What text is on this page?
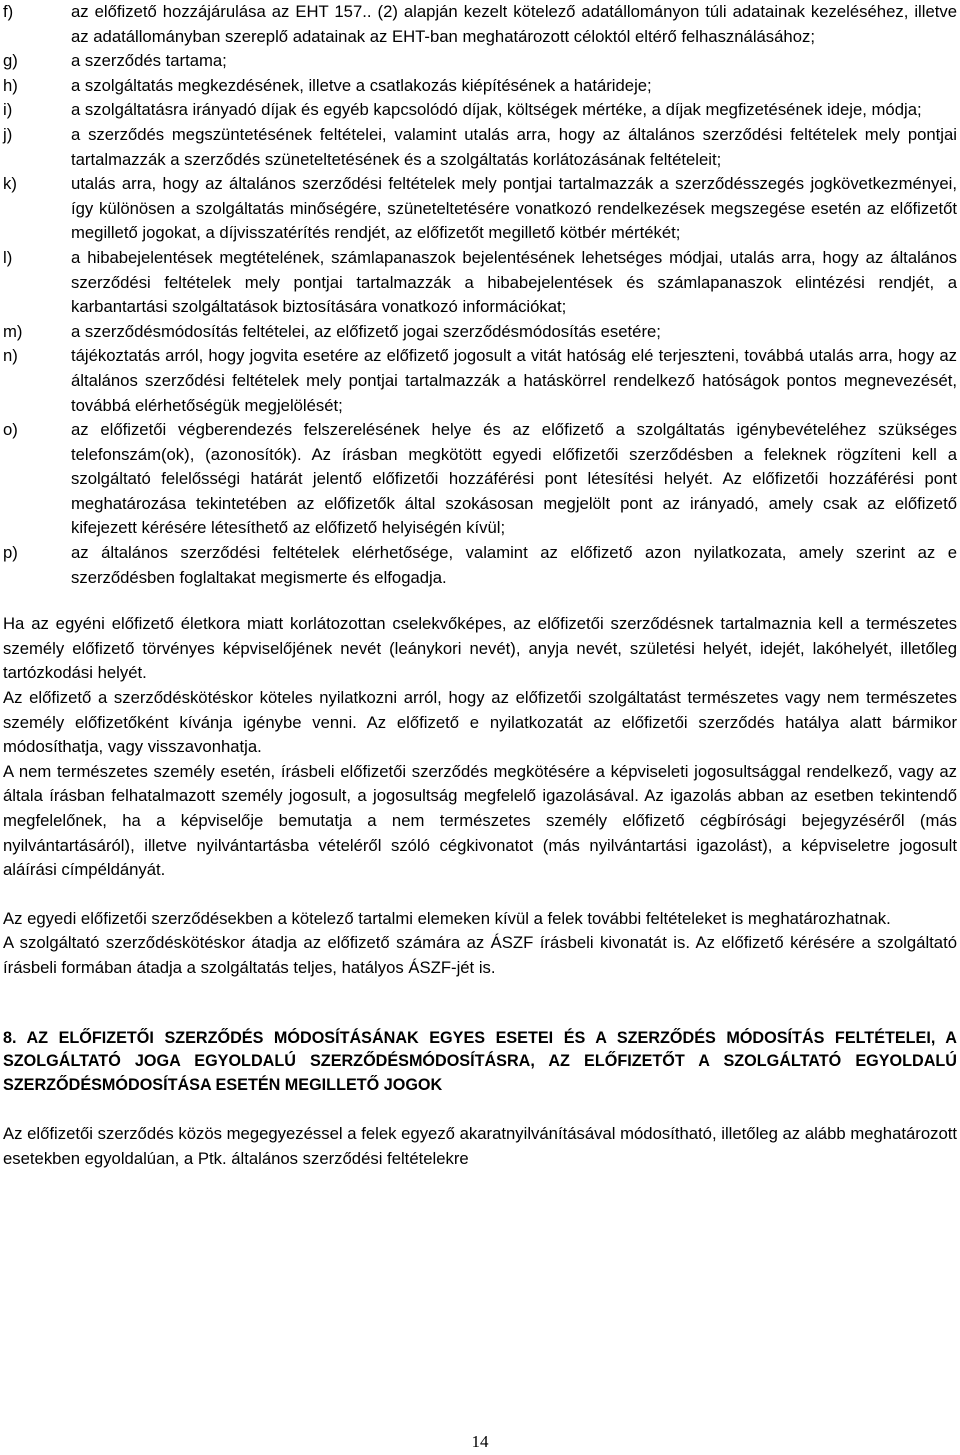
f)	az előfizető hozzájárulása az EHT 157.. (2) alapján kezelt kötelező adatállományon túli adatainak kezeléséhez, illetve az adatállományban szereplő adatainak az EHT-ban meghatározott céloktól eltérő felhasználásához;
g)	a szerződés tartama;
h)	a szolgáltatás megkezdésének, illetve a csatlakozás kiépítésének a határideje;
i)	a szolgáltatásra irányadó díjak és egyéb kapcsolódó díjak, költségek mértéke, a díjak megfizetésének ideje, módja;
j)	a szerződés megszüntetésének feltételei, valamint utalás arra, hogy az általános szerződési feltételek mely pontjai tartalmazzák a szerződés szüneteltetésének és a szolgáltatás korlátozásának feltételeit;
k)	utalás arra, hogy az általános szerződési feltételek mely pontjai tartalmazzák a szerződésszegés jogkövetkezményei, így különösen a szolgáltatás minőségére, szüneteltetésére vonatkozó rendelkezések megszegése esetén az előfizetőt megillető jogokat, a díjvisszatérítés rendjét, az előfizetőt megillető kötbér mértékét;
l)	a hibabejelentések megtételének, számlapanaszok bejelentésének lehetséges módjai, utalás arra, hogy az általános szerződési feltételek mely pontjai tartalmazzák a hibabejelentések és számlapanaszok elintézési rendjét, a karbantartási szolgáltatások biztosítására vonatkozó információkat;
m)	a szerződésmódosítás feltételei, az előfizető jogai szerződésmódosítás esetére;
n)	tájékoztatás arról, hogy jogvita esetére az előfizető jogosult a vitát hatóság elé terjeszteni, továbbá utalás arra, hogy az általános szerződési feltételek mely pontjai tartalmazzák a hatáskörrel rendelkező hatóságok pontos megnevezését, továbbá elérhetőségük megjelölését;
o)	az előfizetői végberendezés felszerelésének helye és az előfizető a szolgáltatás igénybevételéhez szükséges telefonszám(ok), (azonosítók). Az írásban megkötött egyedi előfizetői szerződésben a feleknek rögzíteni kell a szolgáltató felelősségi határát jelentő előfizetői hozzáférési pont létesítési helyét. Az előfizetői hozzáférési pont meghatározása tekintetében az előfizetők által szokásosan megjelölt pont az irányadó, amely csak az előfizető kifejezett kérésére létesíthető az előfizető helyiségén kívül;
p)	az általános szerződési feltételek elérhetősége, valamint az előfizető azon nyilatkozata, amely szerint az e szerződésben foglaltakat megismerte és elfogadja.

Ha az egyéni előfizető életkora miatt korlátozottan cselekvőképes, az előfizetői szerződésnek tartalmaznia kell a természetes személy előfizető törvényes képviselőjének nevét (leánykori nevét), anyja nevét, születési helyét, idejét, lakóhelyét, illetőleg tartózkodási helyét.

Az előfizető a szerződéskötéskor köteles nyilatkozni arról, hogy az előfizetői szolgáltatást természetes vagy nem természetes személy előfizetőként kívánja igénybe venni. Az előfizető e nyilatkozatát az előfizetői szerződés hatálya alatt bármikor módosíthatja, vagy visszavonhatja.

A nem természetes személy esetén, írásbeli előfizetői szerződés megkötésére a képviseleti jogosultsággal rendelkező, vagy az általa írásban felhatalmazott személy jogosult, a jogosultság megfelelő igazolásával. Az igazolás abban az esetben tekintendő megfelelőnek, ha a képviselője bemutatja a nem természetes személy előfizető cégbírósági bejegyzéséről (más nyilvántartásáról), illetve nyilvántartásba vételéről szóló cégkivonatot (más nyilvántartási igazolást), a képviseletre jogosult aláírási címpéldányát.

Az egyedi előfizetői szerződésekben a kötelező tartalmi elemeken kívül a felek további feltételeket is meghatározhatnak.

A szolgáltató szerződéskötéskor átadja az előfizető számára az ÁSZF írásbeli kivonatát is. Az előfizető kérésére a szolgáltató írásbeli formában átadja a szolgáltatás teljes, hatályos ÁSZF-jét is.

8. AZ ELŐFIZETŐI SZERZŐDÉS MÓDOSÍTÁSÁNAK EGYES ESETEI ÉS A SZERZŐDÉS MÓDOSÍTÁS FELTÉTELEI, A SZOLGÁLTATÓ JOGA EGYOLDALÚ SZERZŐDÉSMÓDOSÍTÁSRA, AZ ELŐFIZETŐT A SZOLGÁLTATÓ EGYOLDALÚ SZERZŐDÉSMÓDOSÍTÁSA ESETÉN MEGILLETŐ JOGOK

Az előfizetői szerződés közös megegyezéssel a felek egyező akaratnyilvánításával módosítható, illetőleg az alább meghatározott esetekben egyoldalúan, a Ptk. általános szerződési feltételekre

14
